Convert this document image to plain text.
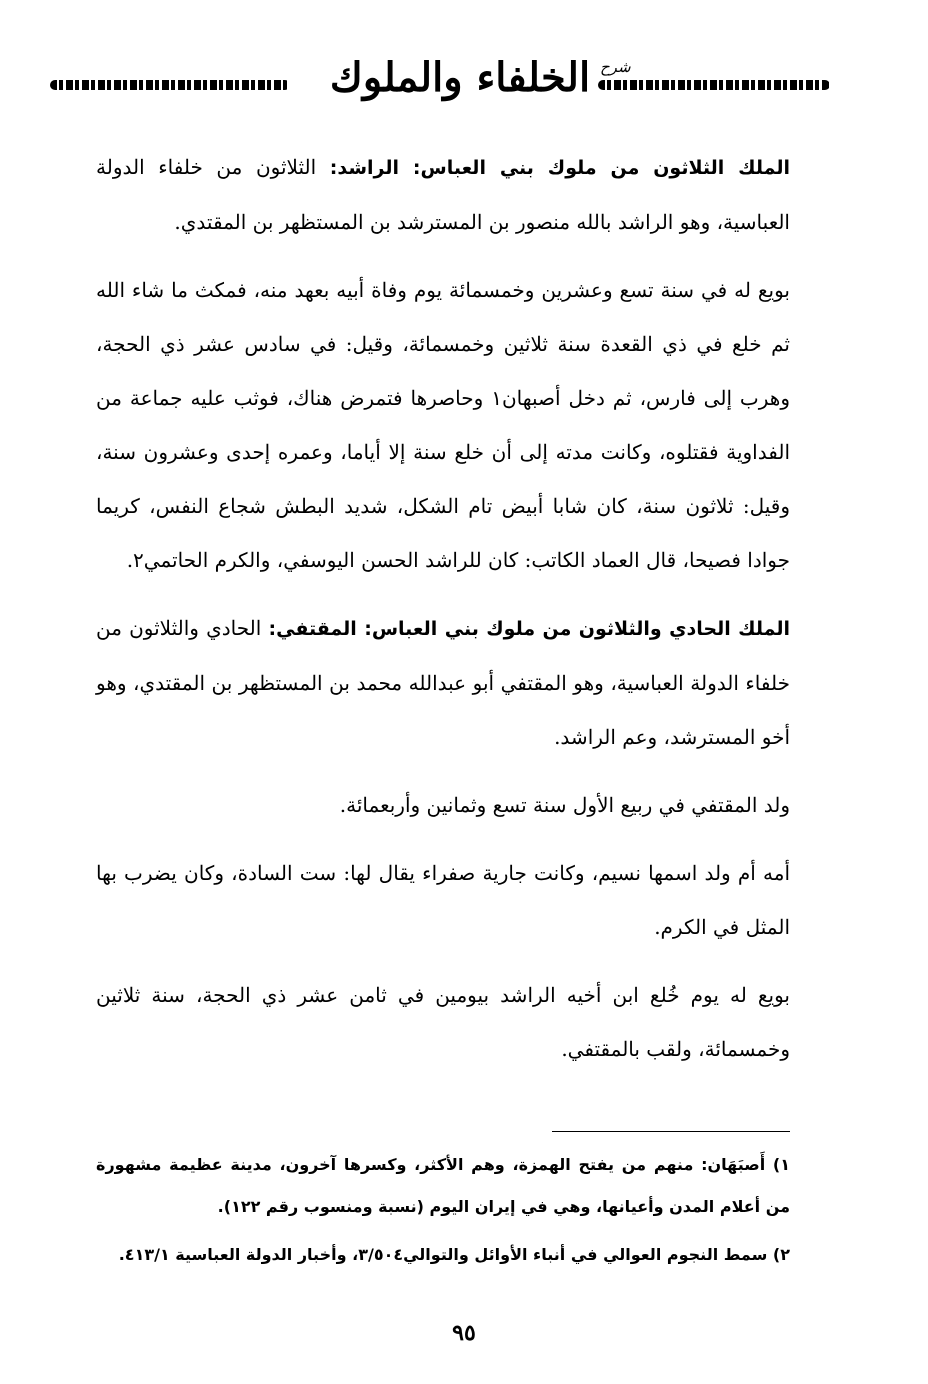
الخلفاء والملوك شرح

الملك الثلاثون من ملوك بني العباس: الراشد: الثلاثون من خلفاء الدولة العباسية، وهو الراشد بالله منصور بن المسترشد بن المستظهر بن المقتدي.

بويع له في سنة تسع وعشرين وخمسمائة يوم وفاة أبيه بعهد منه، فمكث ما شاء الله ثم خلع في ذي القعدة سنة ثلاثين وخمسمائة، وقيل: في سادس عشر ذي الحجة، وهرب إلى فارس، ثم دخل أصبهان١ وحاصرها فتمرض هناك، فوثب عليه جماعة من الفداوية فقتلوه، وكانت مدته إلى أن خلع سنة إلا أياما، وعمره إحدى وعشرون سنة، وقيل: ثلاثون سنة، كان شابا أبيض تام الشكل، شديد البطش شجاع النفس، كريما جوادا فصيحا، قال العماد الكاتب: كان للراشد الحسن اليوسفي، والكرم الحاتمي٢.

الملك الحادي والثلاثون من ملوك بني العباس: المقتفي: الحادي والثلاثون من خلفاء الدولة العباسية، وهو المقتفي أبو عبدالله محمد بن المستظهر بن المقتدي، وهو أخو المسترشد، وعم الراشد.

ولد المقتفي في ربيع الأول سنة تسع وثمانين وأربعمائة.

أمه أم ولد اسمها نسيم، وكانت جارية صفراء يقال لها: ست السادة، وكان يضرب بها المثل في الكرم.

بويع له يوم خُلع ابن أخيه الراشد بيومين في ثامن عشر ذي الحجة، سنة ثلاثين وخمسمائة، ولقب بالمقتفي.

١) أَصبَهَان: منهم من يفتح الهمزة، وهم الأكثر، وكسرها آخرون، مدينة عظيمة مشهورة من أعلام المدن وأعيانها، وهي في إيران اليوم (نسبة ومنسوب رقم ١٢٢).

٢) سمط النجوم العوالي في أنباء الأوائل والتوالي٣/٥٠٤، وأخبار الدولة العباسية ٤١٣/١.

٩٥
